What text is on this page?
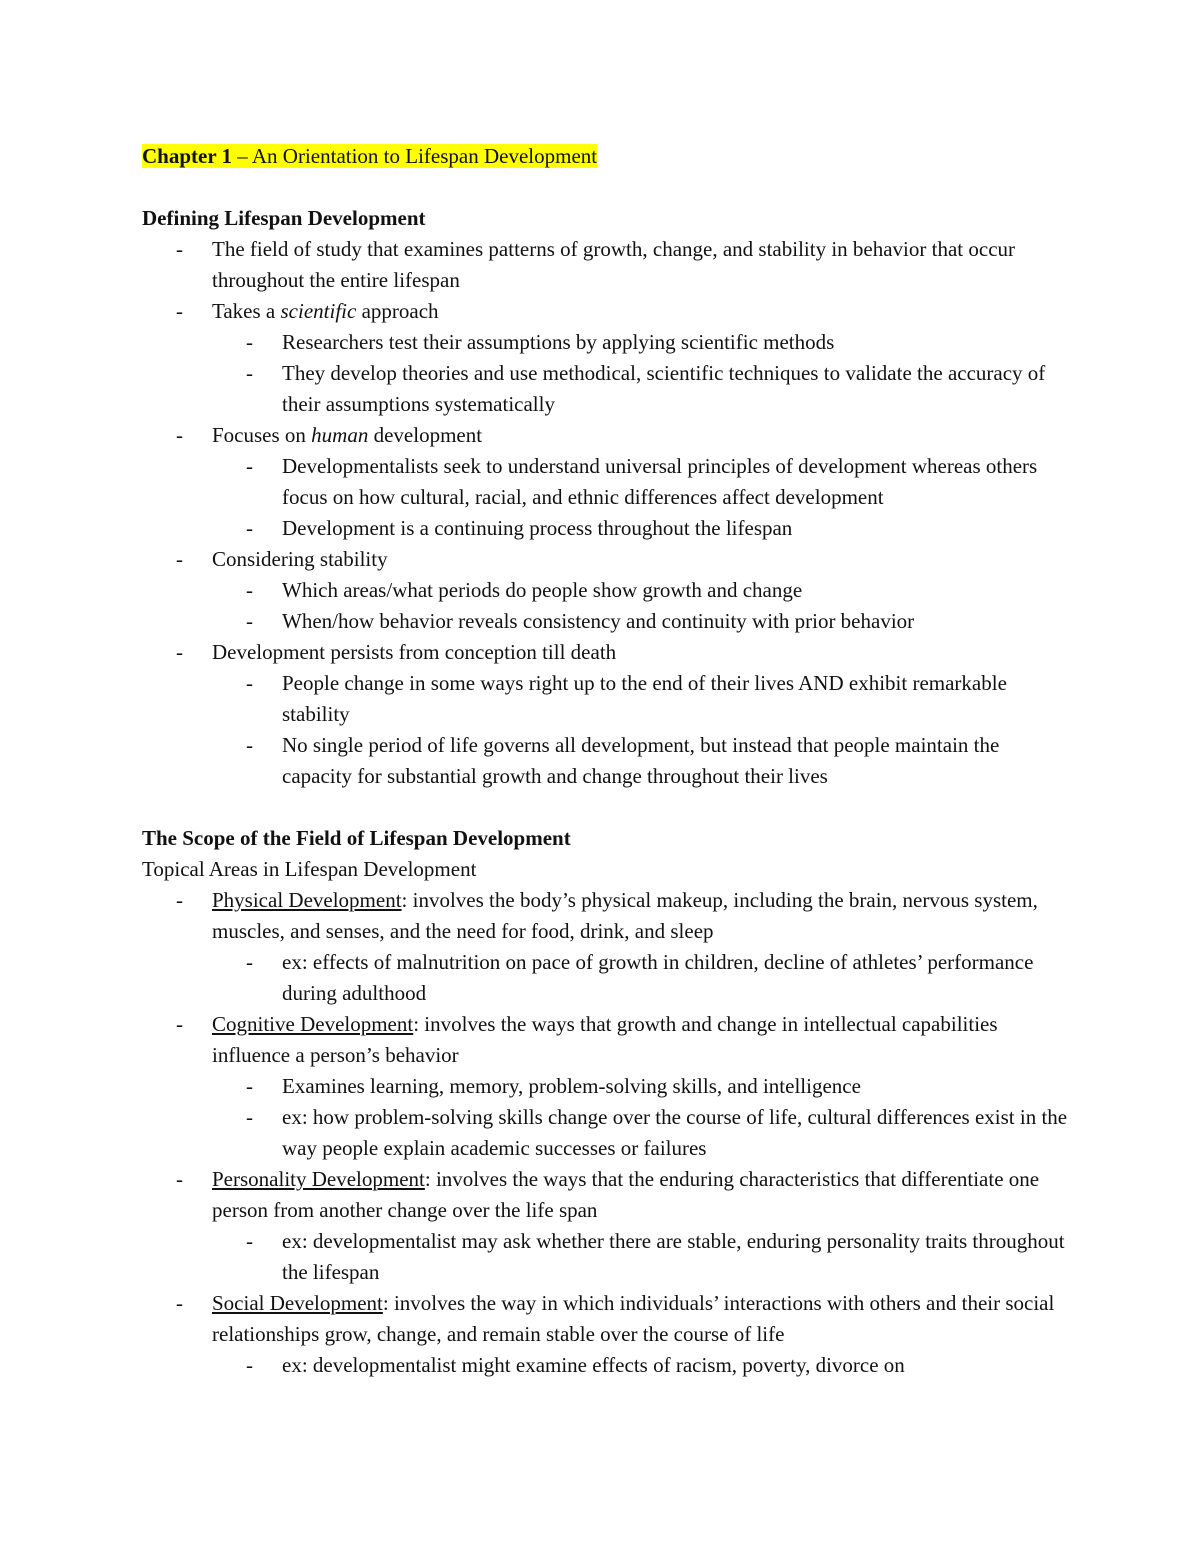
Chapter 1 – An Orientation to Lifespan Development
Defining Lifespan Development
-	The field of study that examines patterns of growth, change, and stability in behavior that occur throughout the entire lifespan
-	Takes a scientific approach
-	Researchers test their assumptions by applying scientific methods
-	They develop theories and use methodical, scientific techniques to validate the accuracy of their assumptions systematically
-	Focuses on human development
-	Developmentalists seek to understand universal principles of development whereas others focus on how cultural, racial, and ethnic differences affect development
-	Development is a continuing process throughout the lifespan
-	Considering stability
-	Which areas/what periods do people show growth and change
-	When/how behavior reveals consistency and continuity with prior behavior
-	Development persists from conception till death
-	People change in some ways right up to the end of their lives AND exhibit remarkable stability
-	No single period of life governs all development, but instead that people maintain the capacity for substantial growth and change throughout their lives
The Scope of the Field of Lifespan Development
Topical Areas in Lifespan Development
-	Physical Development: involves the body’s physical makeup, including the brain, nervous system, muscles, and senses, and the need for food, drink, and sleep
-	ex: effects of malnutrition on pace of growth in children, decline of athletes’ performance during adulthood
-	Cognitive Development: involves the ways that growth and change in intellectual capabilities influence a person’s behavior
-	Examines learning, memory, problem-solving skills, and intelligence
-	ex: how problem-solving skills change over the course of life, cultural differences exist in the way people explain academic successes or failures
-	Personality Development: involves the ways that the enduring characteristics that differentiate one person from another change over the life span
-	ex: developmentalist may ask whether there are stable, enduring personality traits throughout the lifespan
-	Social Development: involves the way in which individuals’ interactions with others and their social relationships grow, change, and remain stable over the course of life
-	ex: developmentalist might examine effects of racism, poverty, divorce on
